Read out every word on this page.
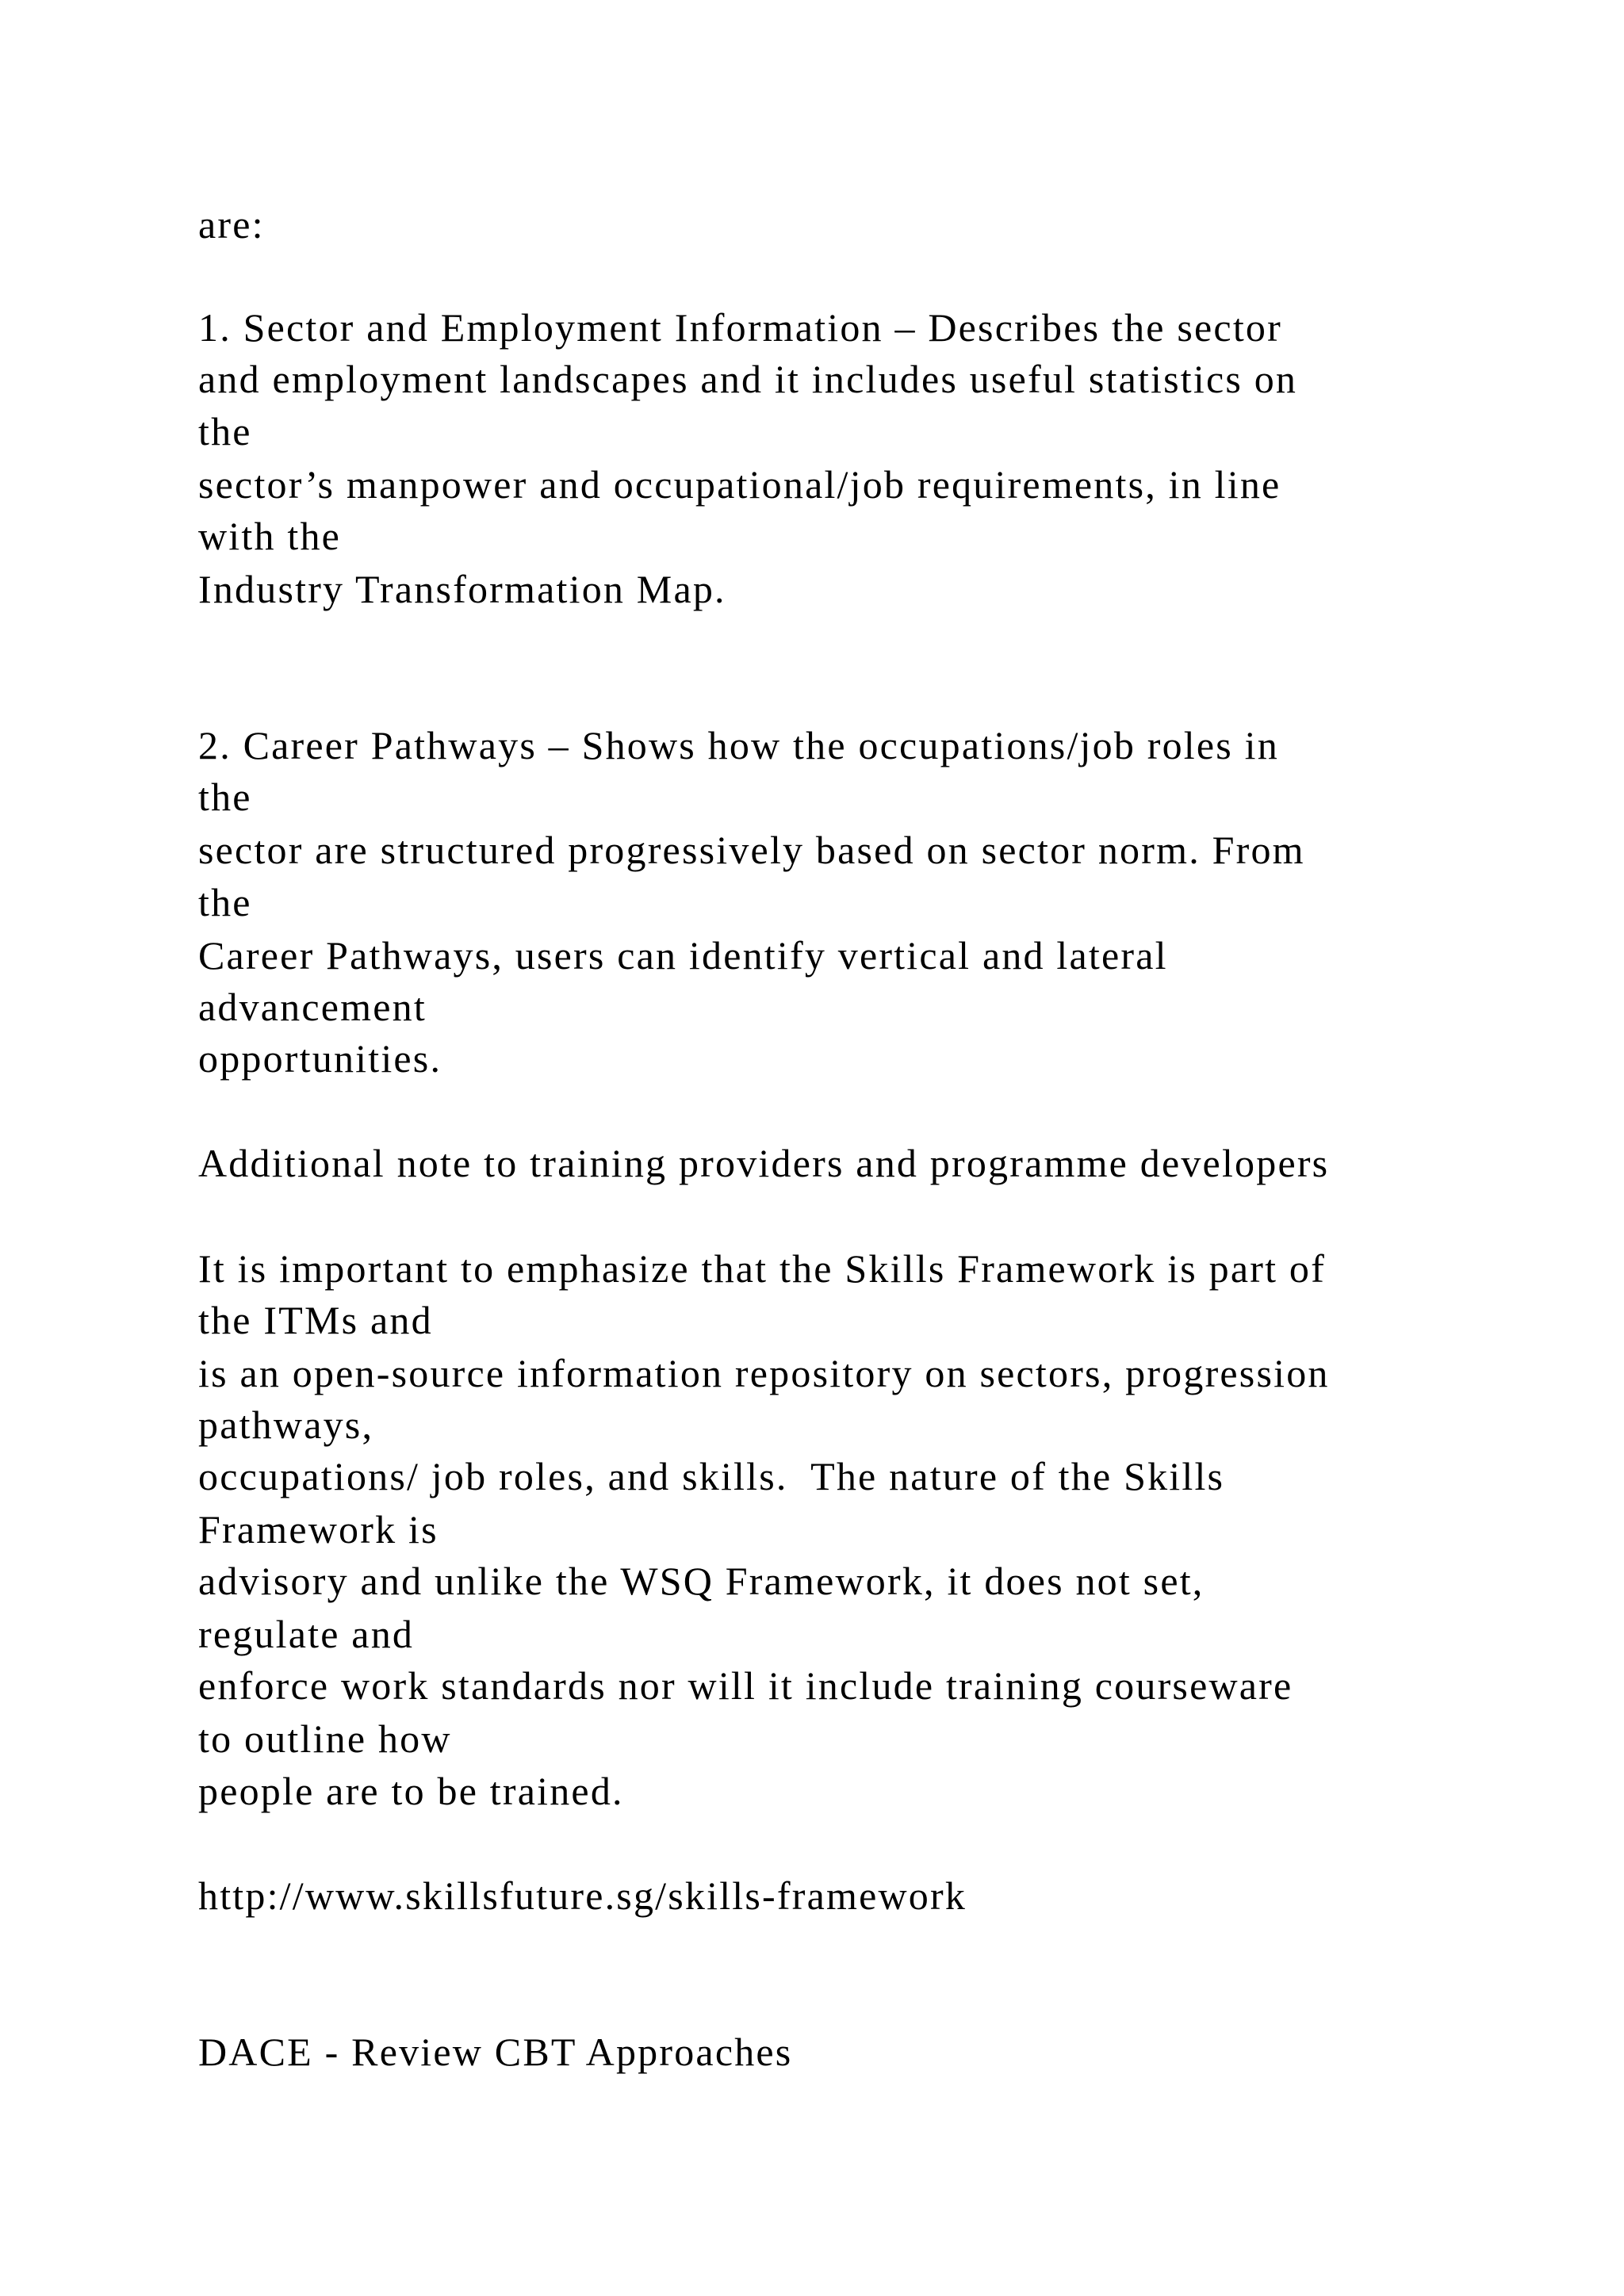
are:
1. Sector and Employment Information – Describes the sector
and employment landscapes and it includes useful statistics on
the
sector’s manpower and occupational/job requirements, in line
with the
Industry Transformation Map.
2. Career Pathways – Shows how the occupations/job roles in
the
sector are structured progressively based on sector norm. From
the
Career Pathways, users can identify vertical and lateral
advancement
opportunities.
Additional note to training providers and programme developers
It is important to emphasize that the Skills Framework is part of
the ITMs and
is an open-source information repository on sectors, progression
pathways,
occupations/ job roles, and skills.  The nature of the Skills
Framework is
advisory and unlike the WSQ Framework, it does not set,
regulate and
enforce work standards nor will it include training courseware
to outline how
people are to be trained.
http://www.skillsfuture.sg/skills-framework
DACE - Review CBT Approaches
